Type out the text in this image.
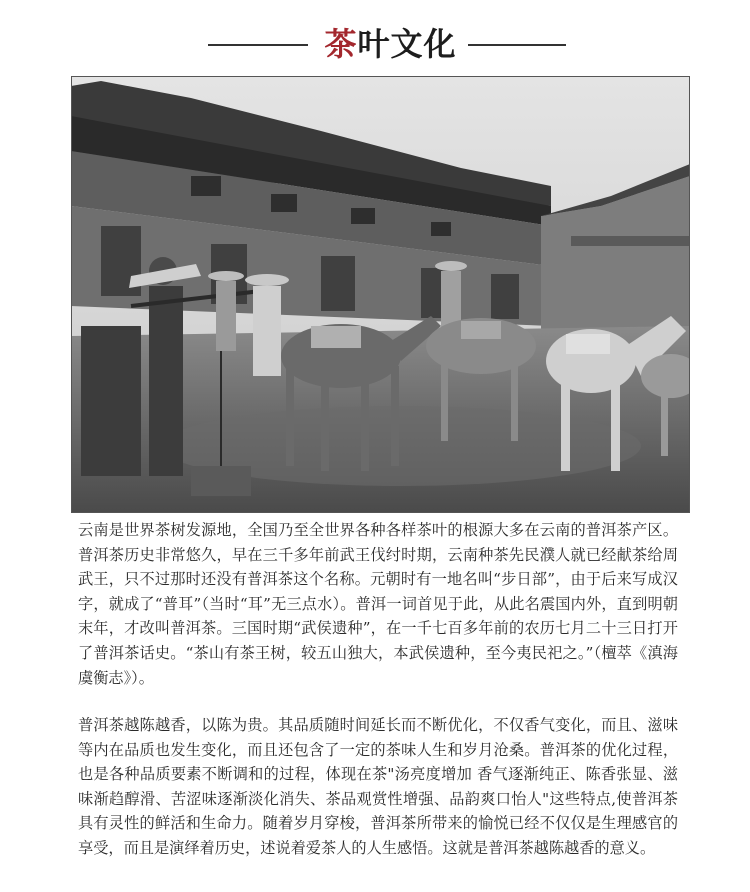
茶叶文化

云南是世界茶树发源地，全国乃至全世界各种各样茶叶的根源大多在云南的普洱茶产区。普洱茶历史非常悠久，早在三千多年前武王伐纣时期，云南种茶先民濮人就已经献茶给周武王，只不过那时还没有普洱茶这个名称。元朝时有一地名叫“步日部”，由于后来写成汉字，就成了“普耳”（当时“耳”无三点水）。普洱一词首见于此，从此名震国内外，直到明朝末年，才改叫普洱茶。三国时期“武侯遗种”，在一千七百多年前的农历七月二十三日打开了普洱茶话史。“茶山有茶王树，较五山独大，本武侯遗种，至今夷民祀之。”（檀萃《滇海虞衡志》）。

普洱茶越陈越香，以陈为贵。其品质随时间延长而不断优化，不仅香气变化，而且、滋味等内在品质也发生变化，而且还包含了一定的茶味人生和岁月沧桑。普洱茶的优化过程，也是各种品质要素不断调和的过程，体现在茶"汤亮度增加 香气逐渐纯正、陈香张显、滋味渐趋醇滑、苦涩味逐渐淡化消失、茶品观赏性增强、品韵爽口怡人"这些特点,使普洱茶具有灵性的鲜活和生命力。随着岁月穿梭，普洱茶所带来的愉悦已经不仅仅是生理感官的享受，而且是演绎着历史，述说着爱茶人的人生感悟。这就是普洱茶越陈越香的意义。
